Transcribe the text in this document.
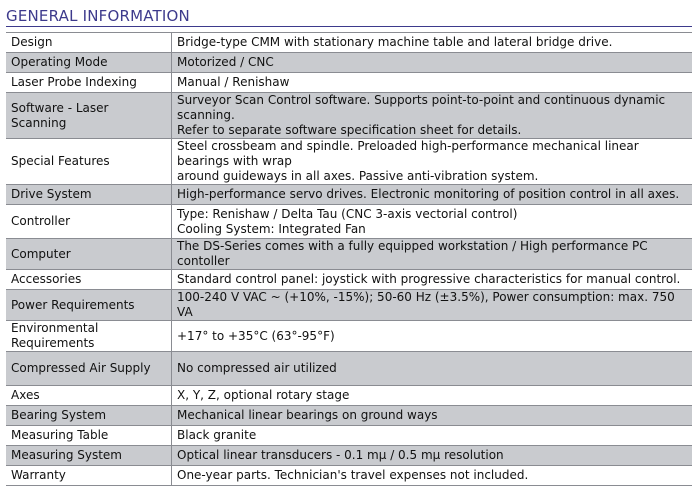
GENERAL INFORMATION
Design	Bridge-type CMM with stationary machine table and lateral bridge drive.
Operating Mode	Motorized / CNC
Laser Probe Indexing	Manual / Renishaw
Software - Laser Scanning	Surveyor Scan Control software. Supports point-to-point and continuous dynamic scanning.
Refer to separate software specification sheet for details.
Special Features	Steel crossbeam and spindle. Preloaded high-performance mechanical linear bearings with wrap
around guideways in all axes. Passive anti-vibration system.
Drive System	High-performance servo drives. Electronic monitoring of position control in all axes.
Controller	Type: Renishaw / Delta Tau (CNC 3-axis vectorial control)
Cooling System: Integrated Fan
Computer	The DS-Series comes with a fully equipped workstation / High performance PC contoller
Accessories	Standard control panel: joystick with progressive characteristics for manual control.
Power Requirements	100-240 V VAC ~ (+10%, -15%); 50-60 Hz (±3.5%), Power consumption: max. 750 VA
Environmental Requirements	+17° to +35°C (63°-95°F)
Compressed Air Supply	No compressed air utilized
Axes	X, Y, Z, optional rotary stage
Bearing System	Mechanical linear bearings on ground ways
Measuring Table	Black granite
Measuring System	Optical linear transducers - 0.1 mμ / 0.5 mμ resolution
Warranty	One-year parts. Technician's travel expenses not included.
